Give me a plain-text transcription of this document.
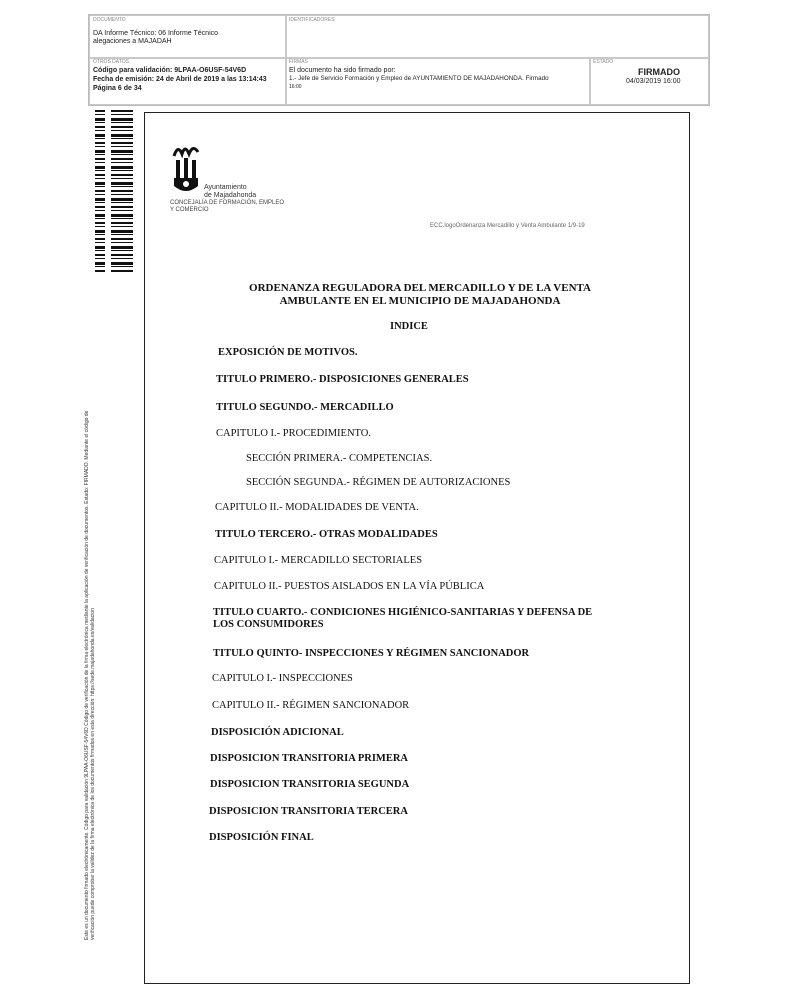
DOCUMENTO
DA Informe Técnico: 06 Informe Técnico alegaciones a MAJADAH
IDENTIFICADORES
OTROS DATOS
Código para validación: 9LPAA-O6USF-54V6D
Fecha de emisión: 24 de Abril de 2019 a las 13:14:43
Página 6 de 34
FIRMAS
El documento ha sido firmado por:
1.- Jefe de Servicio Formación y Empleo de AYUNTAMIENTO DE MAJADAHONDA. Firmado
16:00
ESTADO
FIRMADO
04/03/2019 16:00
Este es un documento firmado electrónicamente. Código para validación 9LPAA-O6USF-54V6D Código de verificación de la firma electrónica mediante la aplicación de verificación de documentos. Estado: FIRMADO. Mediante el código de verificación puede comprobar la validez de la firma electrónica de los documentos firmados en esta dirección: https://sede.majadahonda.es/validacion
Ayuntamiento
de Majadahonda
CONCEJALÍA DE FORMACIÓN, EMPLEO
Y COMERCIO
ECC.logoOrdenanza Mercadillo y Venta Ambulante 1/9-19
ORDENANZA REGULADORA DEL MERCADILLO Y DE LA VENTA
AMBULANTE EN EL MUNICIPIO DE MAJADAHONDA
INDICE
EXPOSICIÓN DE MOTIVOS.
TITULO PRIMERO.- DISPOSICIONES GENERALES
TITULO SEGUNDO.- MERCADILLO
CAPITULO I.- PROCEDIMIENTO.
SECCIÓN PRIMERA.- COMPETENCIAS.
SECCIÓN SEGUNDA.- RÉGIMEN DE AUTORIZACIONES
CAPITULO II.- MODALIDADES DE VENTA.
TITULO TERCERO.- OTRAS MODALIDADES
CAPITULO I.- MERCADILLO SECTORIALES
CAPITULO II.- PUESTOS AISLADOS EN LA VÍA PÚBLICA
TITULO CUARTO.- CONDICIONES HIGIÉNICO-SANITARIAS Y DEFENSA DE LOS CONSUMIDORES
TITULO QUINTO- INSPECCIONES Y RÉGIMEN SANCIONADOR
CAPITULO I.- INSPECCIONES
CAPITULO II.- RÉGIMEN SANCIONADOR
DISPOSICIÓN ADICIONAL
DISPOSICION TRANSITORIA PRIMERA
DISPOSICION TRANSITORIA SEGUNDA
DISPOSICION TRANSITORIA TERCERA
DISPOSICIÓN FINAL
